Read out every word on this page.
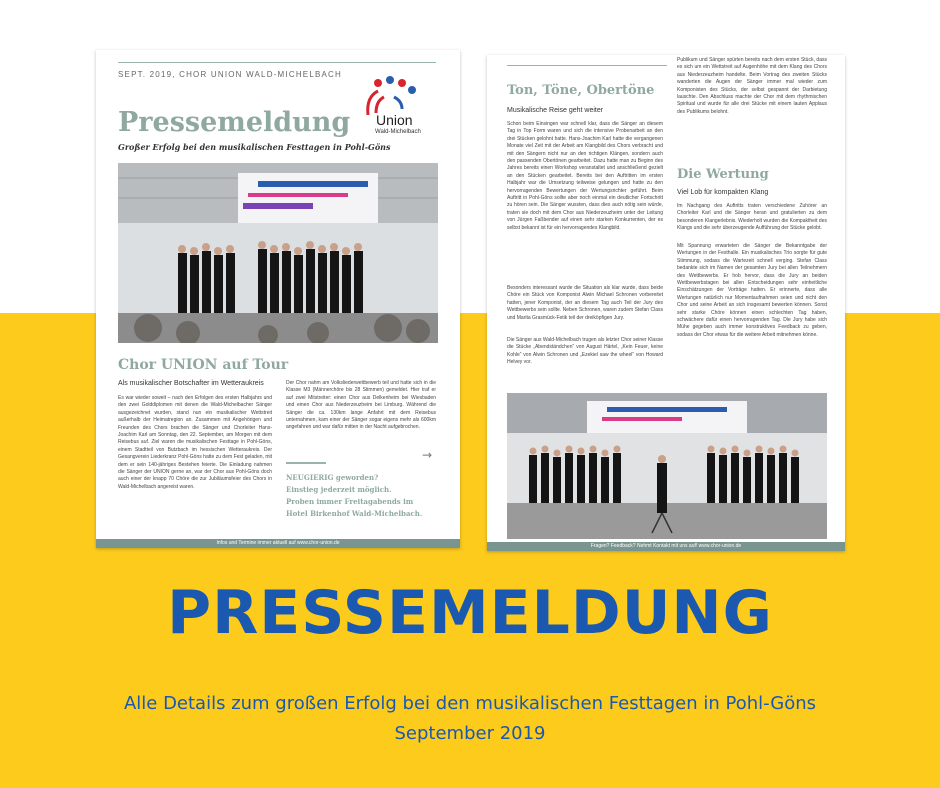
SEPT. 2019, CHOR UNION WALD-MICHELBACH
Pressemeldung
Großer Erfolg bei den musikalischen Festtagen in Pohl-Göns
Union
Wald-Michelbach
Chor UNION auf Tour
Als musikalischer Botschafter im Wetteraukreis
Es war wieder soweit – nach den Erfolgen des ersten Halbjahrs und den zwei Golddiplomen mit denen die Wald-Michelbacher Sänger ausgezeichnet wurden, stand nun ein musikalischer Wettstreit außerhalb der Heimatregion an. Zusammen mit Angehörigen und Freunden des Chors brachen die Sänger und Chorleiter Hans-Joachim Karl am Sonntag, den 22. September, am Morgen mit dem Reisebus auf. Ziel waren die musikalischen Festtage in Pohl-Göns, einem Stadtteil von Butzbach im hessischen Wetteraukreis. Der Gesangverein Liederkranz Pohl-Göns hatte zu dem Fest geladen, mit dem er sein 140-jähriges Bestehen feierte. Die Einladung nahmen die Sänger der UNION gerne an, war der Chor aus Pohl-Göns doch auch einer der knapp 70 Chöre die zur Jubiläumsfeier des Chors in Wald-Michelbach angereist waren.
Der Chor nahm am Volksliederwettbewerb teil und hatte sich in die Klasse M3 (Männerchöre bis 28 Stimmen) gemeldet. Hier traf er auf zwei Mitstreiter: einen Chor aus Delkenheim bei Wiesbaden und einen Chor aus Niederzeuzheim bei Limburg. Während die Sänger die ca. 130km lange Anfahrt mit dem Reisebus unternahmen, kam einer der Sänger sogar eigens mehr als 600km angefahren und war dafür mitten in der Nacht aufgebrochen.
→
NEUGIERIG geworden?
Einstieg jederzeit möglich.
Proben immer Freitagabends im
Hotel Birkenhof Wald-Michelbach.
Infos und Termine immer aktuell auf www.chor-union.de
Ton, Töne, Obertöne
Musikalische Reise geht weiter
Schon beim Einsingen war schnell klar, dass die Sänger an diesem Tag in Top Form waren und sich die intensive Probenarbeit an den drei Stücken gelohnt hatte. Hans-Joachim Karl hatte die vergangenen Monate viel Zeit mit der Arbeit am Klangbild des Chors verbracht und mit den Sängern nicht nur an den richtigen Klängen, sondern auch den passenden Obertönen gearbeitet. Dazu hatte man zu Beginn des Jahres bereits einen Workshop veranstaltet und anschließend gezielt an den Stücken gearbeitet. Bereits bei den Auftritten im ersten Halbjahr war die Umsetzung teilweise gelungen und hatte zu den hervorragenden Bewertungen der Wertungsrichter geführt. Beim Auftritt in Pohl-Göns sollte aber noch einmal ein deutlicher Fortschritt zu hören sein. Die Sänger wussten, dass dies auch nötig sein würde, traten sie doch mit dem Chor aus Niederzeuzheim unter der Leitung von Jürgen Faßbender auf einen sehr starken Konkurrenten, der es selbst bekannt ist für ein hervorragendes Klangbild.
Besonders interessant wurde die Situation als klar wurde, dass beide Chöre ein Stück von Komponist Alwin Michael Schronen vorbereitet hatten, jener Komponist, der an diesem Tag auch Teil der Jury des Wettbewerbs sein sollte. Neben Schronen, waren zudem Stefan Class und Marita Grasmück-Fetik teil der dreiköpfigen Jury.
Die Sänger aus Wald-Michelbach trugen als letzter Chor seiner Klasse die Stücke „Abendständchen“ von August Härtel, „Kein Feuer, keine Kohle“ von Alwin Schronen und „Ezekiel saw the wheel“ von Howard Helvey vor.
Publikum und Sänger spürten bereits nach dem ersten Stück, dass es sich um ein Wettstreit auf Augenhöhe mit dem Klang des Chors aus Niederzeuzheim handelte. Beim Vortrag des zweiten Stücks wanderten die Augen der Sänger immer mal wieder zum Komponisten des Stücks, der selbst gespannt der Darbietung lauschte. Den Abschluss machte der Chor mit dem rhythmischen Spiritual und wurde für alle drei Stücke mit einem lauten Applaus des Publikums belohnt.
Die Wertung
Viel Lob für kompakten Klang
Im Nachgang des Auftritts traten verschiedene Zuhörer an Chorleiter Karl und die Sänger heran und gratulierten zu dem besonderen Klangerlebnis. Wiederholt wurden die Kompaktheit des Klangs und die sehr überzeugende Aufführung der Stücke gelobt.
Mit Spannung erwarteten die Sänger die Bekanntgabe der Wertungen in der Festhalle. Ein musikalisches Trio sorgte für gute Stimmung, sodass die Wartezeit schnell verging. Stefan Class bedankte sich im Namen der gesamten Jury bei allen Teilnehmern des Wettbewerbs. Er hob hervor, dass die Jury an beiden Wettbewerbstagen bei allen Entscheidungen sehr einheitliche Einschätzungen der Vorträge hatten. Er erinnerte, dass alle Wertungen natürlich nur Momentaufnahmen seien und nicht den Chor und seine Arbeit an sich insgesamt bewerten können. Sonst sehr starke Chöre können einen schlechten Tag haben, schwächere dafür einen hervorragenden Tag. Die Jury habe sich Mühe gegeben auch immer konstruktives Feedback zu geben, sodass der Chor etwas für die weitere Arbeit mitnehmen könne.
Fragen? Feedback? Nehmt Kontakt mit uns auf! www.chor-union.de
PRESSEMELDUNG
Alle Details zum großen Erfolg bei den musikalischen Festtagen in Pohl-Göns
September 2019
